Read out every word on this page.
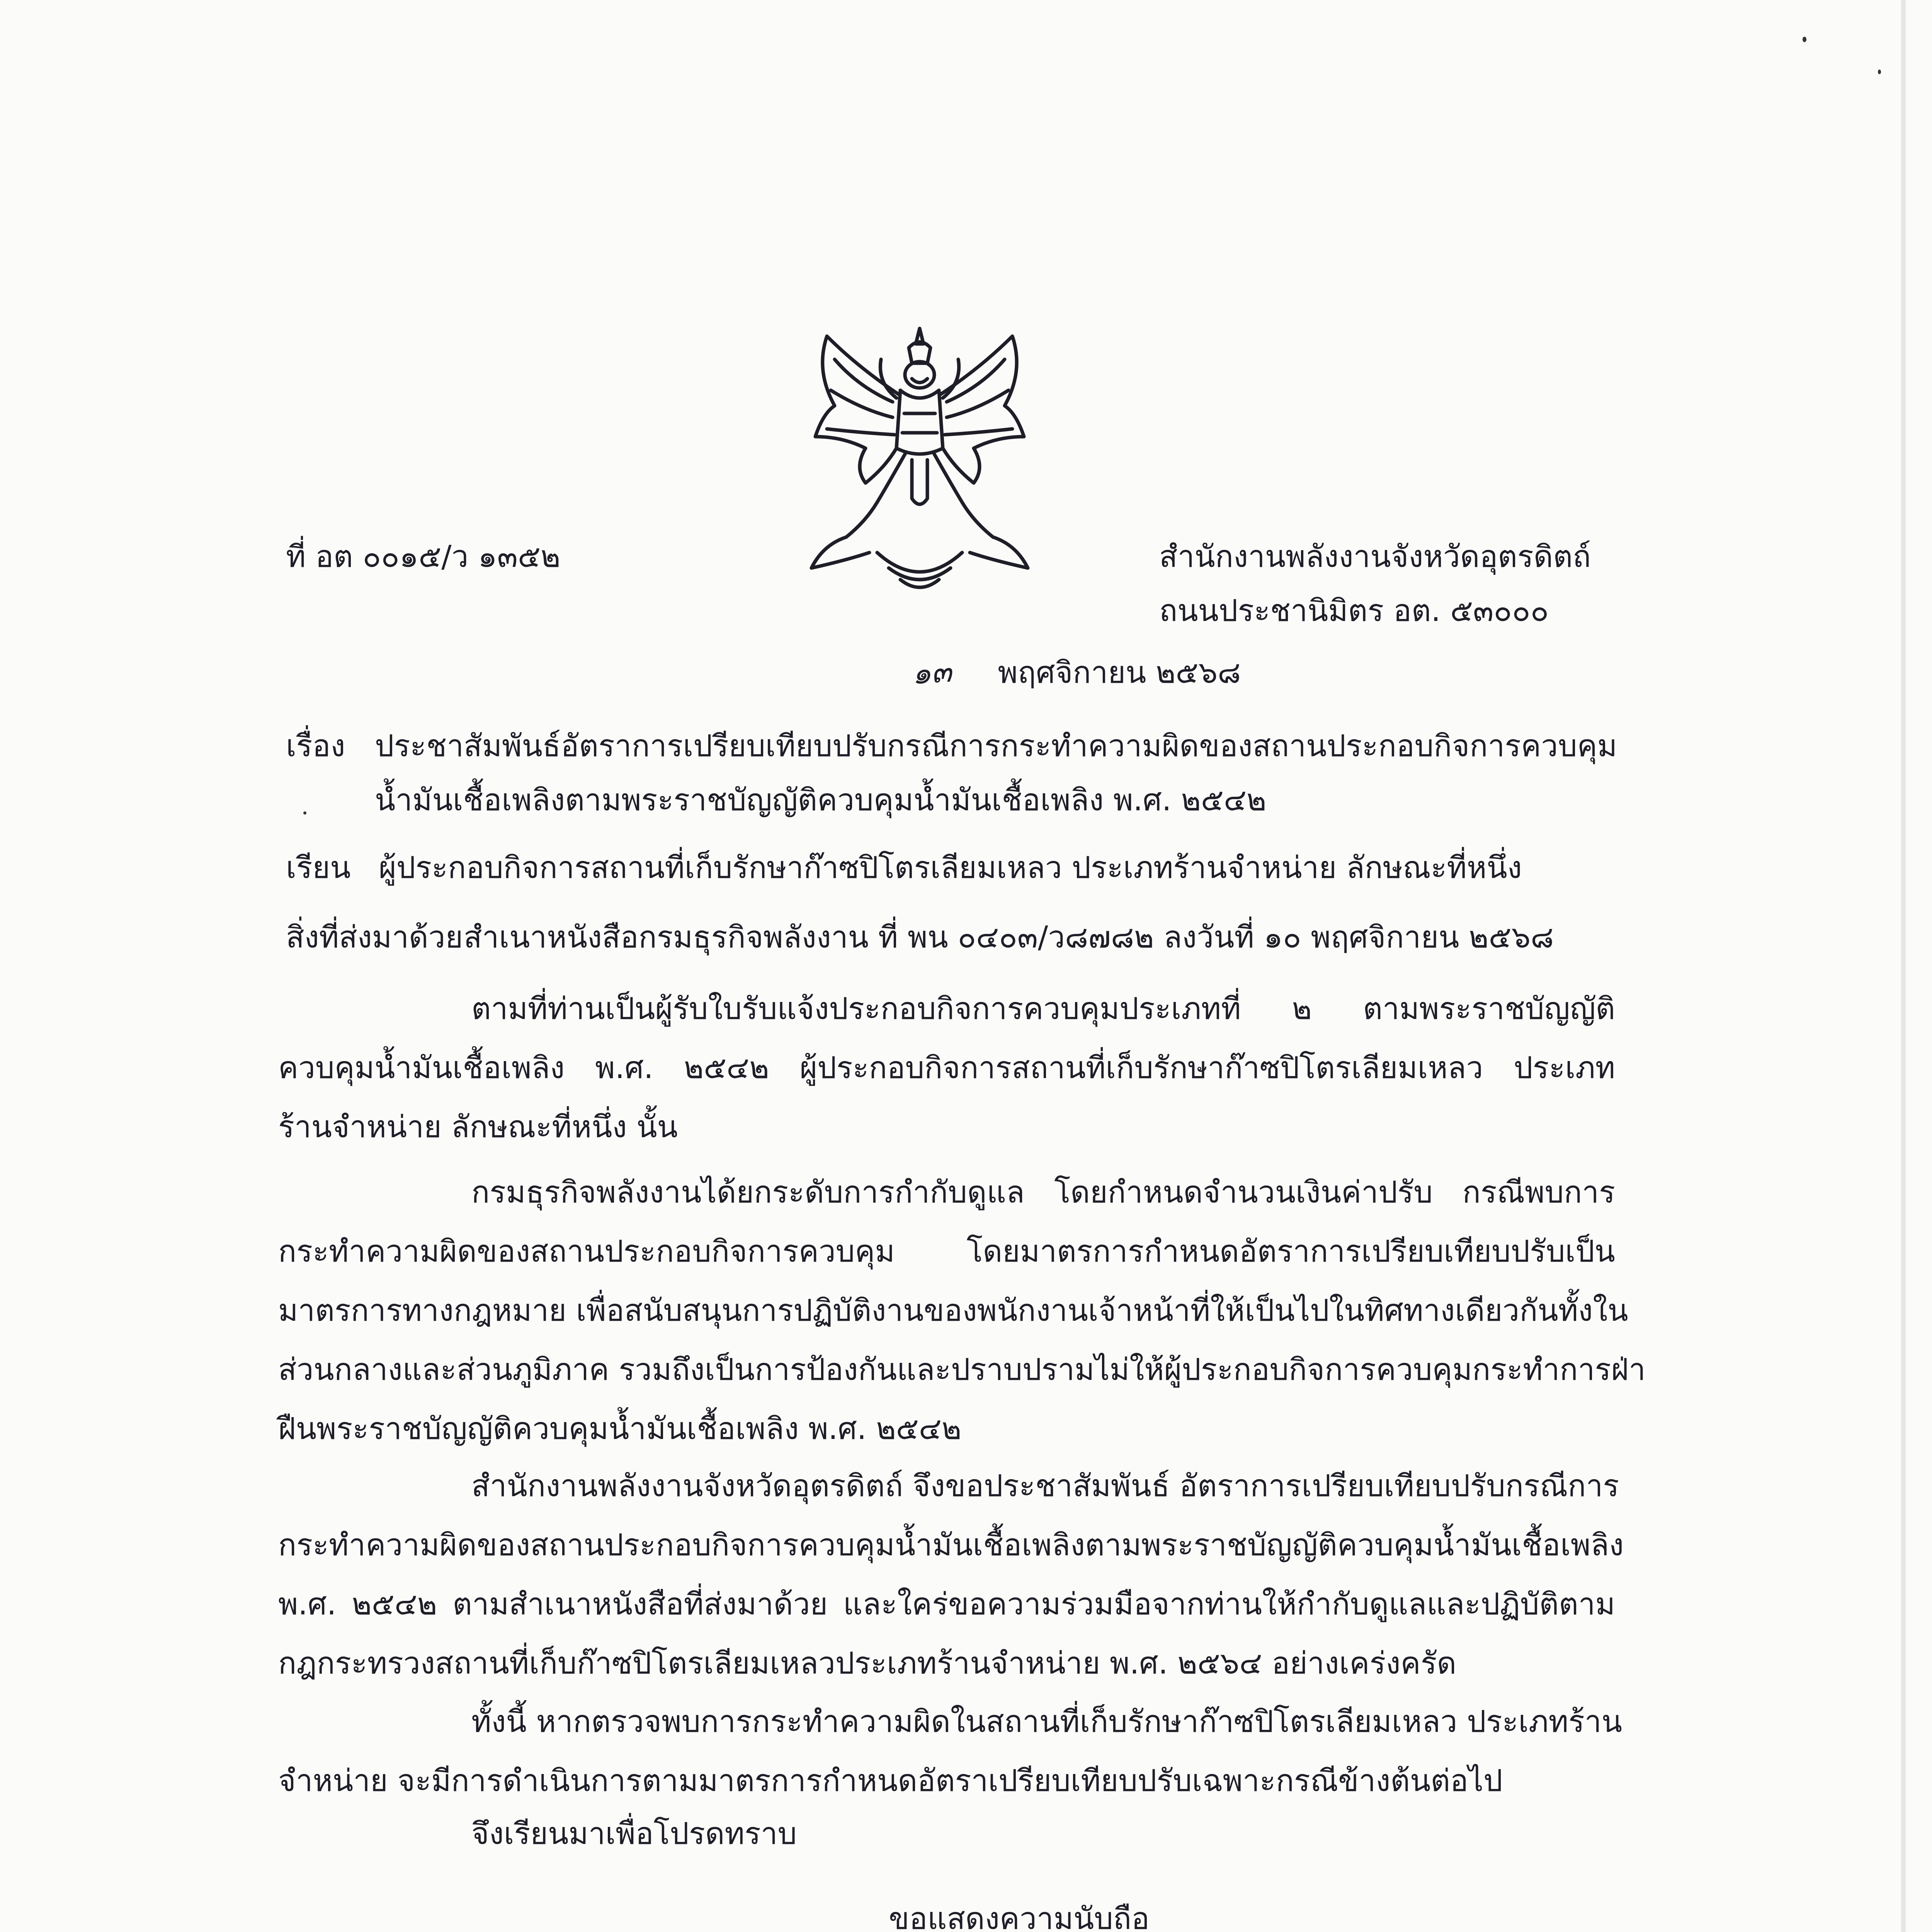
ที่ อต ๐๐๑๕/ว ๑๓๕๒	สำนักงานพลังงานจังหวัดอุตรดิตถ์
ถนนประชานิมิตร อต. ๕๓๐๐๐
๑๓ พฤศจิกายน ๒๕๖๘
เรื่อง ประชาสัมพันธ์อัตราการเปรียบเทียบปรับกรณีการกระทำความผิดของสถานประกอบกิจการควบคุม
น้ำมันเชื้อเพลิงตามพระราชบัญญัติควบคุมน้ำมันเชื้อเพลิง พ.ศ. ๒๕๔๒
เรียน ผู้ประกอบกิจการสถานที่เก็บรักษาก๊าซปิโตรเลียมเหลว ประเภทร้านจำหน่าย ลักษณะที่หนึ่ง
สิ่งที่ส่งมาด้วย สำเนาหนังสือกรมธุรกิจพลังงาน ที่ พน ๐๔๐๓/ว๘๗๘๒ ลงวันที่ ๑๐ พฤศจิกายน ๒๕๖๘
ตามที่ท่านเป็นผู้รับใบรับแจ้งประกอบกิจการควบคุมประเภทที่ ๒ ตามพระราชบัญญัติ
ควบคุมน้ำมันเชื้อเพลิง พ.ศ. ๒๕๔๒ ผู้ประกอบกิจการสถานที่เก็บรักษาก๊าซปิโตรเลียมเหลว ประเภท
ร้านจำหน่าย ลักษณะที่หนึ่ง นั้น
กรมธุรกิจพลังงานได้ยกระดับการกำกับดูแล โดยกำหนดจำนวนเงินค่าปรับ กรณีพบการ
กระทำความผิดของสถานประกอบกิจการควบคุม โดยมาตรการกำหนดอัตราการเปรียบเทียบปรับเป็น
มาตรการทางกฎหมาย เพื่อสนับสนุนการปฏิบัติงานของพนักงานเจ้าหน้าที่ให้เป็นไปในทิศทางเดียวกันทั้งใน
ส่วนกลางและส่วนภูมิภาค รวมถึงเป็นการป้องกันและปราบปรามไม่ให้ผู้ประกอบกิจการควบคุมกระทำการฝ่า
ฝืนพระราชบัญญัติควบคุมน้ำมันเชื้อเพลิง พ.ศ. ๒๕๔๒
สำนักงานพลังงานจังหวัดอุตรดิตถ์ จึงขอประชาสัมพันธ์ อัตราการเปรียบเทียบปรับกรณีการ
กระทำความผิดของสถานประกอบกิจการควบคุมน้ำมันเชื้อเพลิงตามพระราชบัญญัติควบคุมน้ำมันเชื้อเพลิง
พ.ศ. ๒๕๔๒ ตามสำเนาหนังสือที่ส่งมาด้วย และใคร่ขอความร่วมมือจากท่านให้กำกับดูแลและปฏิบัติตาม
กฎกระทรวงสถานที่เก็บก๊าซปิโตรเลียมเหลวประเภทร้านจำหน่าย พ.ศ. ๒๕๖๔ อย่างเคร่งครัด
ทั้งนี้ หากตรวจพบการกระทำความผิดในสถานที่เก็บรักษาก๊าซปิโตรเลียมเหลว ประเภทร้าน
จำหน่าย จะมีการดำเนินการตามมาตรการกำหนดอัตราเปรียบเทียบปรับเฉพาะกรณีข้างต้นต่อไป
จึงเรียนมาเพื่อโปรดทราบ
ขอแสดงความนับถือ
